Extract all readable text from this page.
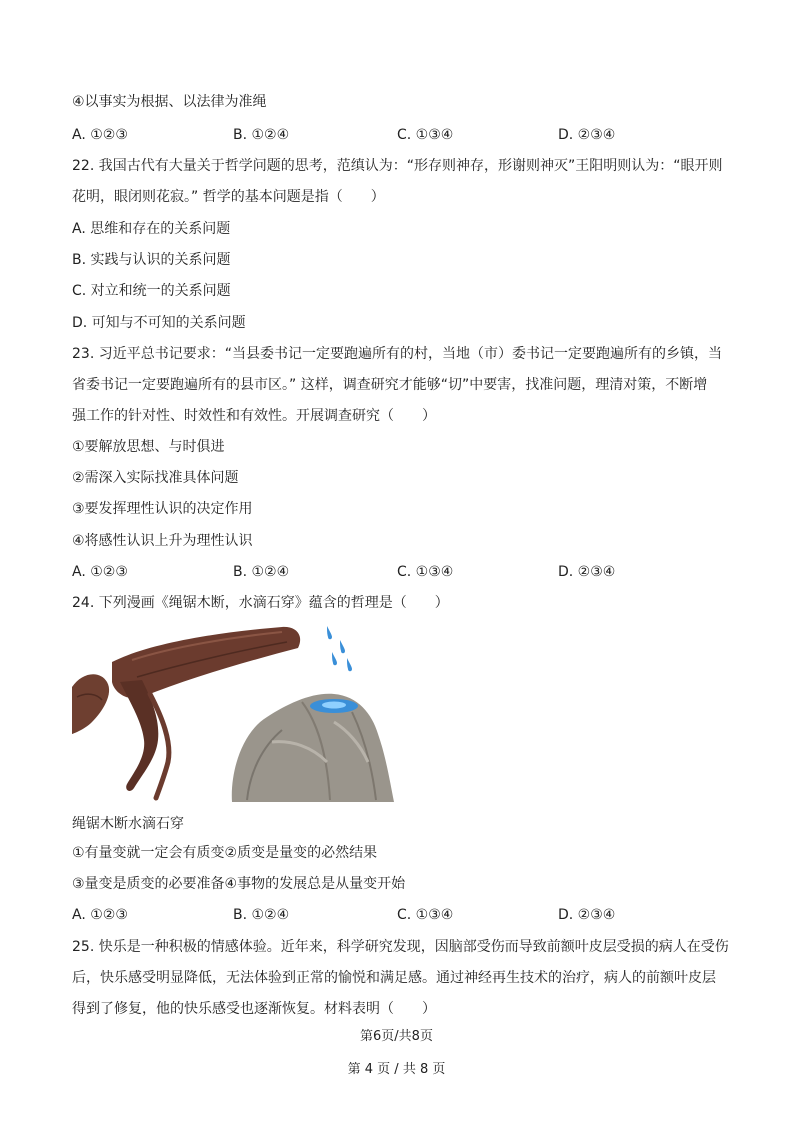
④以事实为根据、以法律为准绳
A. ①②③	B. ①②④	C. ①③④	D. ②③④
22. 我国古代有大量关于哲学问题的思考，范缜认为：“形存则神存，形谢则神灭”王阳明则认为：“眼开则
花明，眼闭则花寂。” 哲学的基本问题是指（　　）
A. 思维和存在的关系问题
B. 实践与认识的关系问题
C. 对立和统一的关系问题
D. 可知与不可知的关系问题
23. 习近平总书记要求：“当县委书记一定要跑遍所有的村，当地（市）委书记一定要跑遍所有的乡镇，当
省委书记一定要跑遍所有的县市区。” 这样，调查研究才能够“切”中要害，找准问题，理清对策，不断增
强工作的针对性、时效性和有效性。开展调查研究（　　）
①要解放思想、与时俱进
②需深入实际找准具体问题
③要发挥理性认识的决定作用
④将感性认识上升为理性认识
A. ①②③	B. ①②④	C. ①③④	D. ②③④
24. 下列漫画《绳锯木断，水滴石穿》蕴含的哲理是（　　）
绳锯木断水滴石穿
①有量变就一定会有质变②质变是量变的必然结果
③量变是质变的必要准备④事物的发展总是从量变开始
A. ①②③	B. ①②④	C. ①③④	D. ②③④
25. 快乐是一种积极的情感体验。近年来，科学研究发现，因脑部受伤而导致前额叶皮层受损的病人在受伤
后，快乐感受明显降低，无法体验到正常的愉悦和满足感。通过神经再生技术的治疗，病人的前额叶皮层
得到了修复，他的快乐感受也逐渐恢复。材料表明（　　）
第6页/共8页
第 4 页 / 共 8 页
